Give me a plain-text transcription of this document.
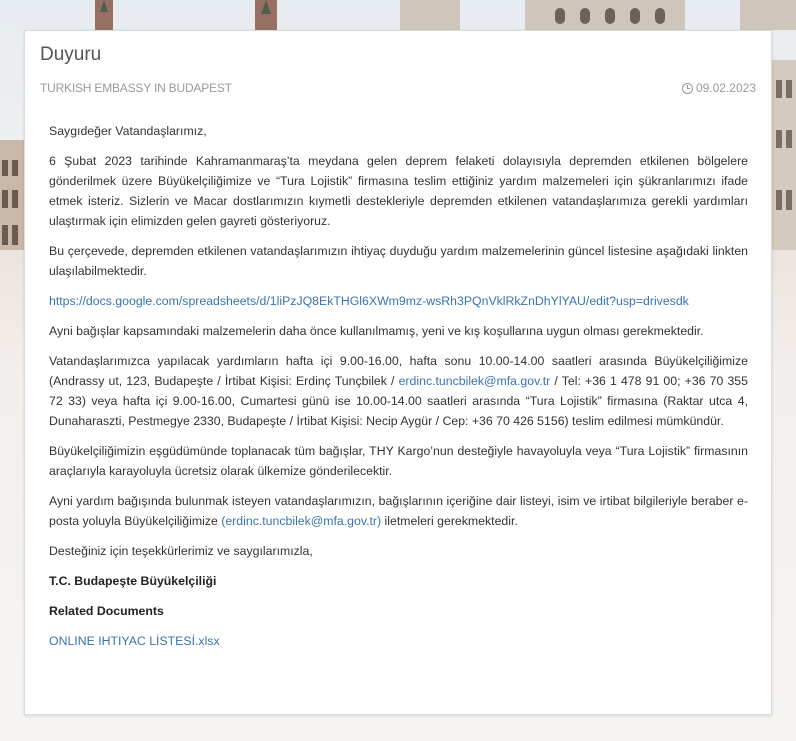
Duyuru
TURKISH EMBASSY IN BUDAPEST	09.02.2023

Saygıdeğer Vatandaşlarımız,

6 Şubat 2023 tarihinde Kahramanmaraş’ta meydana gelen deprem felaketi dolayısıyla depremden etkilenen bölgelere gönderilmek üzere Büyükelçiliğimize ve “Tura Lojistik” firmasına teslim ettiğiniz yardım malzemeleri için şükranlarımızı ifade etmek isteriz. Sizlerin ve Macar dostlarımızın kıymetli destekleriyle depremden etkilenen vatandaşlarımıza gerekli yardımları ulaştırmak için elimizden gelen gayreti gösteriyoruz.

Bu çerçevede, depremden etkilenen vatandaşlarımızın ihtiyaç duyduğu yardım malzemelerinin güncel listesine aşağıdaki linkten ulaşılabilmektedir.

https://docs.google.com/spreadsheets/d/1liPzJQ8EkTHGl6XWm9mz-wsRh3PQnVklRkZnDhYlYAU/edit?usp=drivesdk

Ayni bağışlar kapsamındaki malzemelerin daha önce kullanılmamış, yeni ve kış koşullarına uygun olması gerekmektedir.

Vatandaşlarımızca yapılacak yardımların hafta içi 9.00-16.00, hafta sonu 10.00-14.00 saatleri arasında Büyükelçiliğimize (Andrassy ut, 123, Budapeşte / İrtibat Kişisi: Erdinç Tunçbilek / erdinc.tuncbilek@mfa.gov.tr / Tel: +36 1 478 91 00; +36 70 355 72 33) veya hafta içi 9.00-16.00, Cumartesi günü ise 10.00-14.00 saatleri arasında “Tura Lojistik” firmasına (Raktar utca 4, Dunaharaszti, Pestmegye 2330, Budapeşte / İrtibat Kişisi: Necip Aygür / Cep: +36 70 426 5156) teslim edilmesi mümkündür.

Büyükelçiliğimizin eşgüdümünde toplanacak tüm bağışlar, THY Kargo’nun desteğiyle havayoluyla veya “Tura Lojistik” firmasının araçlarıyla karayoluyla ücretsiz olarak ülkemize gönderilecektir.

Ayni yardım bağışında bulunmak isteyen vatandaşlarımızın, bağışlarının içeriğine dair listeyi, isim ve irtibat bilgileriyle beraber e-posta yoluyla Büyükelçiliğimize (erdinc.tuncbilek@mfa.gov.tr) iletmeleri gerekmektedir.

Desteğiniz için teşekkürlerimiz ve saygılarımızla,

T.C. Budapeşte Büyükelçiliği

Related Documents

ONLINE IHTIYAC LİSTESİ.xlsx
